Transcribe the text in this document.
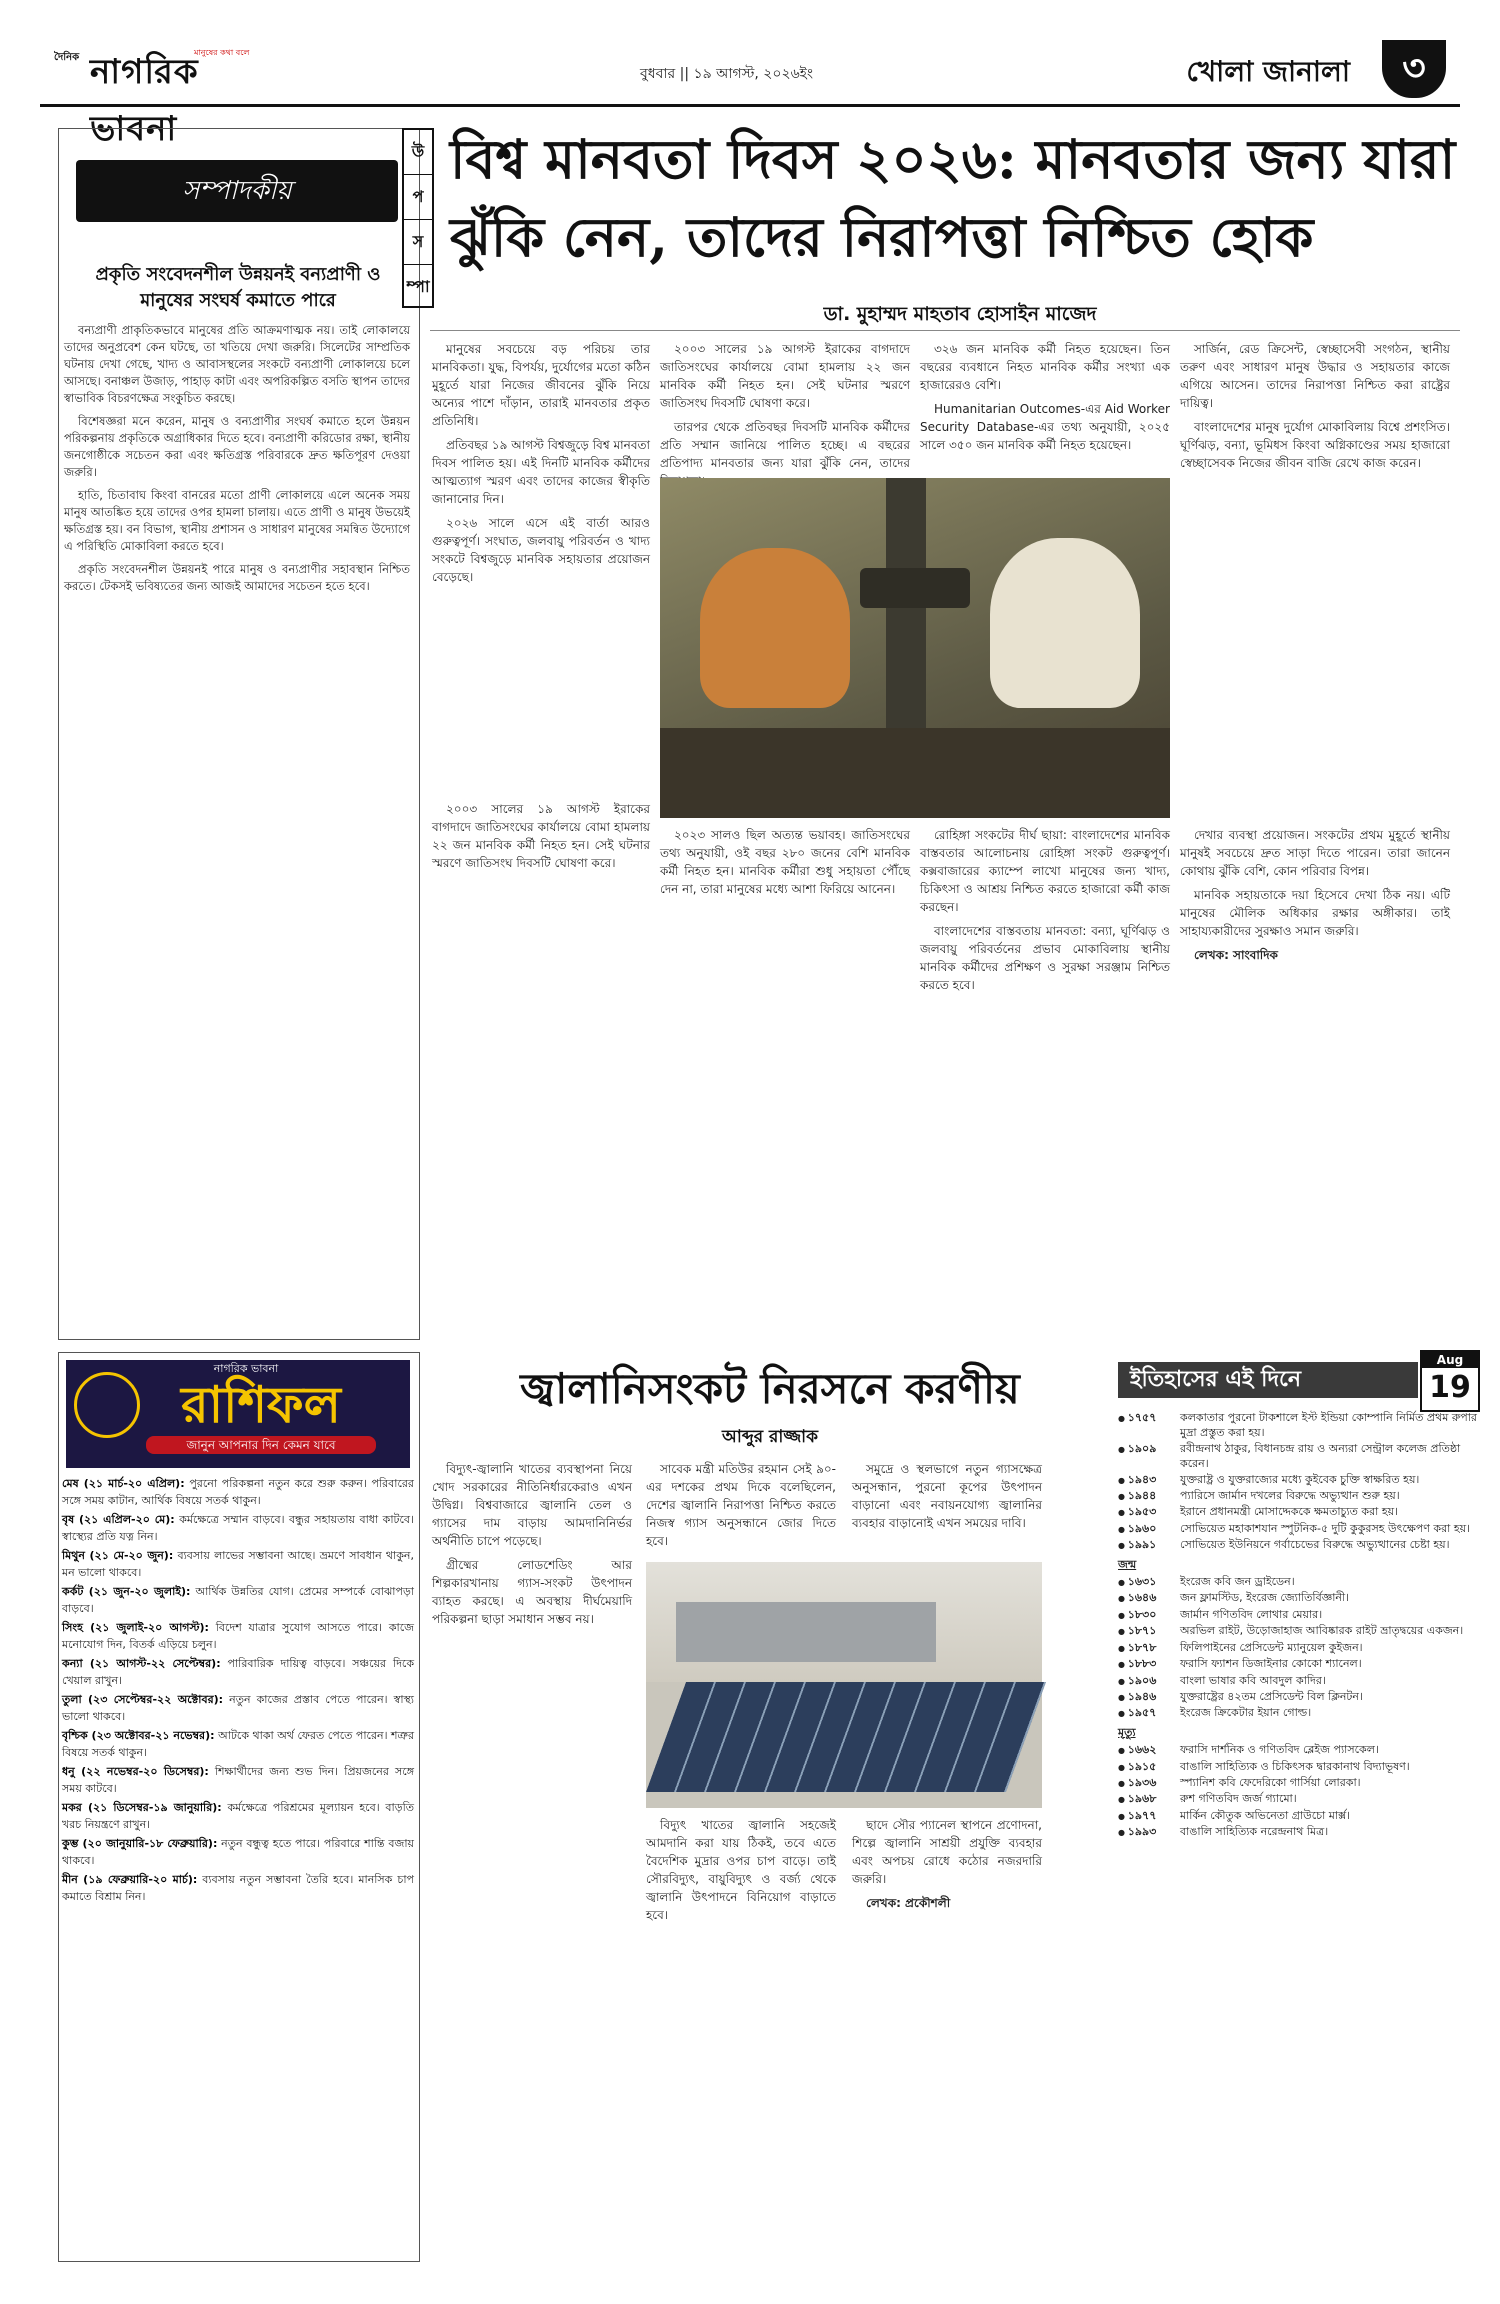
দৈনিক নাগরিক ভাবনা
মানুষের কথা বলে
বুধবার || ১৯ আগস্ট, ২০২৬ইং	খোলা জানালা	৩
সম্পাদকীয়
প্রকৃতি সংবেদনশীল উন্নয়নই বন্যপ্রাণী ও মানুষের সংঘর্ষ কমাতে পারে

বন্যপ্রাণী প্রাকৃতিকভাবে মানুষের প্রতি আক্রমণাত্মক নয়। তাই লোকালয়ে তাদের অনুপ্রবেশ কেন ঘটছে, তা খতিয়ে দেখা জরুরি। সিলেটের সাম্প্রতিক ঘটনায় দেখা গেছে, খাদ্য ও আবাসস্থলের সংকটে বন্যপ্রাণী লোকালয়ে চলে আসছে। বনাঞ্চল উজাড়, পাহাড় কাটা এবং অপরিকল্পিত বসতি স্থাপন তাদের স্বাভাবিক বিচরণক্ষেত্র সংকুচিত করছে।

বিশেষজ্ঞরা মনে করেন, মানুষ ও বন্যপ্রাণীর সংঘর্ষ কমাতে হলে উন্নয়ন পরিকল্পনায় প্রকৃতিকে অগ্রাধিকার দিতে হবে। বন্যপ্রাণী করিডোর রক্ষা, স্থানীয় জনগোষ্ঠীকে সচেতন করা এবং ক্ষতিগ্রস্ত পরিবারকে দ্রুত ক্ষতিপূরণ দেওয়া জরুরি।

হাতি, চিতাবাঘ কিংবা বানরের মতো প্রাণী লোকালয়ে এলে অনেক সময় মানুষ আতঙ্কিত হয়ে তাদের ওপর হামলা চালায়। এতে প্রাণী ও মানুষ উভয়েই ক্ষতিগ্রস্ত হয়। বন বিভাগ, স্থানীয় প্রশাসন ও সাধারণ মানুষের সমন্বিত উদ্যোগে এ পরিস্থিতি মোকাবিলা করতে হবে।

প্রকৃতি সংবেদনশীল উন্নয়নই পারে মানুষ ও বন্যপ্রাণীর সহাবস্থান নিশ্চিত করতে। টেকসই ভবিষ্যতের জন্য আজই আমাদের সচেতন হতে হবে।

উ
প
স
ম্পা
বিশ্ব মানবতা দিবস ২০২৬: মানবতার জন্য যারা ঝুঁকি নেন, তাদের নিরাপত্তা নিশ্চিত হোক
ডা. মুহাম্মদ মাহতাব হোসাইন মাজেদ

মানুষের সবচেয়ে বড় পরিচয় তার মানবিকতা। যুদ্ধ, বিপর্যয়, দুর্যোগের মতো কঠিন মুহূর্তে যারা নিজের জীবনের ঝুঁকি নিয়ে অন্যের পাশে দাঁড়ান, তারাই মানবতার প্রকৃত প্রতিনিধি।

প্রতিবছর ১৯ আগস্ট বিশ্বজুড়ে বিশ্ব মানবতা দিবস পালিত হয়। এই দিনটি মানবিক কর্মীদের আত্মত্যাগ স্মরণ এবং তাদের কাজের স্বীকৃতি জানানোর দিন।

২০২৬ সালে এসে এই বার্তা আরও গুরুত্বপূর্ণ। সংঘাত, জলবায়ু পরিবর্তন ও খাদ্য সংকটে বিশ্বজুড়ে মানবিক সহায়তার প্রয়োজন বেড়েছে।

২০০৩ সালের ১৯ আগস্ট ইরাকের বাগদাদে জাতিসংঘের কার্যালয়ে বোমা হামলায় ২২ জন মানবিক কর্মী নিহত হন। সেই ঘটনার স্মরণে জাতিসংঘ দিবসটি ঘোষণা করে।

তারপর থেকে প্রতিবছর দিবসটি মানবিক কর্মীদের প্রতি সম্মান জানিয়ে পালিত হচ্ছে। এ বছরের প্রতিপাদ্য মানবতার জন্য যারা ঝুঁকি নেন, তাদের

৩২৬ জন মানবিক কর্মী নিহত হয়েছেন। তিন বছরের ব্যবধানে নিহত মানবিক কর্মীর সংখ্যা এক হাজারেরও বেশি।

Humanitarian Outcomes-এর Aid Worker Security Database-এর তথ্য অনুযায়ী, ২০২৫ সালে ৩৫০ জন মানবিক কর্মী নিহত হয়েছেন।

সার্জিন, রেড ক্রিসেন্ট, স্বেচ্ছাসেবী সংগঠন, স্থানীয় তরুণ এবং সাধারণ মানুষ উদ্ধার ও সহায়তার কাজে এগিয়ে আসেন। তাদের নিরাপত্তা নিশ্চিত করা রাষ্ট্রের দায়িত্ব।

বাংলাদেশের মানুষ দুর্যোগ মোকাবিলায় বিশ্বে প্রশংসিত। ঘূর্ণিঝড়, বন্যা, ভূমিধস কিংবা অগ্নিকাণ্ডের সময় হাজারো স্বেচ্ছাসেবক নিজের জীবন বাজি রেখে কাজ করেন।

২০২৩ সালও ছিল অত্যন্ত ভয়াবহ। জাতিসংঘের তথ্য অনুযায়ী, ওই বছর ২৮০ জনের বেশি মানবিক কর্মী নিহত হন। মানবিক কর্মীরা শুধু সহায়তা পৌঁছে দেন না, তারা মানুষের মধ্যে আশা ফিরিয়ে আনেন।

রোহিঙ্গা সংকটের দীর্ঘ ছায়া: বাংলাদেশের মানবিক বাস্তবতার আলোচনায় রোহিঙ্গা সংকট গুরুত্বপূর্ণ। কক্সবাজারের ক্যাম্পে লাখো মানুষের জন্য খাদ্য, চিকিৎসা ও আশ্রয় নিশ্চিত করতে হাজারো কর্মী কাজ করছেন।

বাংলাদেশের বাস্তবতায় মানবতা: বন্যা, ঘূর্ণিঝড় ও জলবায়ু পরিবর্তনের প্রভাব মোকাবিলায় স্থানীয় মানবিক কর্মীদের প্রশিক্ষণ ও সুরক্ষা সরঞ্জাম নিশ্চিত করতে হবে।

২০০৩ সালের ১৯ আগস্ট ইরাকের বাগদাদে জাতিসংঘের কার্যালয়ে বোমা হামলায় ২২ জন মানবিক কর্মী নিহত হন। সেই ঘটনার স্মরণে জাতিসংঘ দিবসটি ঘোষণা করে।

দেখার ব্যবস্থা প্রয়োজন। সংকটের প্রথম মুহূর্তে স্থানীয় মানুষই সবচেয়ে দ্রুত সাড়া দিতে পারেন। তারা জানেন কোথায় ঝুঁকি বেশি, কোন পরিবার বিপন্ন।

মানবিক সহায়তাকে দয়া হিসেবে দেখা ঠিক নয়। এটি মানুষের মৌলিক অধিকার রক্ষার অঙ্গীকার। তাই সাহায্যকারীদের সুরক্ষাও সমান জরুরি।

লেখক: সাংবাদিক

নাগরিক ভাবনা
রাশিফল
জানুন আপনার দিন কেমন যাবে

মেষ (২১ মার্চ-২০ এপ্রিল): পুরনো পরিকল্পনা নতুন করে শুরু করুন। পরিবারের সঙ্গে সময় কাটান, আর্থিক বিষয়ে সতর্ক থাকুন।

বৃষ (২১ এপ্রিল-২০ মে): কর্মক্ষেত্রে সম্মান বাড়বে। বন্ধুর সহায়তায় বাধা কাটবে। স্বাস্থ্যের প্রতি যত্ন নিন।

মিথুন (২১ মে-২০ জুন): ব্যবসায় লাভের সম্ভাবনা আছে। ভ্রমণে সাবধান থাকুন, মন ভালো থাকবে।

কর্কট (২১ জুন-২০ জুলাই): আর্থিক উন্নতির যোগ। প্রেমের সম্পর্কে বোঝাপড়া বাড়বে।

সিংহ (২১ জুলাই-২০ আগস্ট): বিদেশ যাত্রার সুযোগ আসতে পারে। কাজে মনোযোগ দিন, বিতর্ক এড়িয়ে চলুন।

কন্যা (২১ আগস্ট-২২ সেপ্টেম্বর): পারিবারিক দায়িত্ব বাড়বে। সঞ্চয়ের দিকে খেয়াল রাখুন।

তুলা (২৩ সেপ্টেম্বর-২২ অক্টোবর): নতুন কাজের প্রস্তাব পেতে পারেন। স্বাস্থ্য ভালো থাকবে।

বৃশ্চিক (২৩ অক্টোবর-২১ নভেম্বর): আটকে থাকা অর্থ ফেরত পেতে পারেন। শত্রুর বিষয়ে সতর্ক থাকুন।

ধনু (২২ নভেম্বর-২০ ডিসেম্বর): শিক্ষার্থীদের জন্য শুভ দিন। প্রিয়জনের সঙ্গে সময় কাটবে।

মকর (২১ ডিসেম্বর-১৯ জানুয়ারি): কর্মক্ষেত্রে পরিশ্রমের মূল্যায়ন হবে। বাড়তি খরচ নিয়ন্ত্রণে রাখুন।

কুম্ভ (২০ জানুয়ারি-১৮ ফেব্রুয়ারি): নতুন বন্ধুত্ব হতে পারে। পরিবারে শান্তি বজায় থাকবে।

মীন (১৯ ফেব্রুয়ারি-২০ মার্চ): ব্যবসায় নতুন সম্ভাবনা তৈরি হবে। মানসিক চাপ কমাতে বিশ্রাম নিন।

জ্বালানিসংকট নিরসনে করণীয়
আব্দুর রাজ্জাক

বিদ্যুৎ-জ্বালানি খাতের ব্যবস্থাপনা নিয়ে খোদ সরকারের নীতিনির্ধারকেরাও এখন উদ্বিগ্ন। বিশ্ববাজারে জ্বালানি তেল ও গ্যাসের দাম বাড়ায় আমদানিনির্ভর অর্থনীতি চাপে পড়েছে।

গ্রীষ্মের লোডশেডিং আর শিল্পকারখানায় গ্যাস-সংকট উৎপাদন ব্যাহত করছে। এ অবস্থায় দীর্ঘমেয়াদি পরিকল্পনা ছাড়া সমাধান সম্ভব নয়।

সাবেক মন্ত্রী মতিউর রহমান সেই ৯০-এর দশকের প্রথম দিকে বলেছিলেন, দেশের জ্বালানি নিরাপত্তা নিশ্চিত করতে নিজস্ব গ্যাস অনুসন্ধানে জোর দিতে হবে।

সমুদ্রে ও স্থলভাগে নতুন গ্যাসক্ষেত্র অনুসন্ধান, পুরনো কূপের উৎপাদন বাড়ানো এবং নবায়নযোগ্য জ্বালানির ব্যবহার বাড়ানোই এখন সময়ের দাবি।

বিদ্যুৎ খাতের জ্বালানি সহজেই আমদানি করা যায় ঠিকই, তবে এতে বৈদেশিক মুদ্রার ওপর চাপ বাড়ে। তাই সৌরবিদ্যুৎ, বায়ুবিদ্যুৎ ও বর্জ্য থেকে জ্বালানি উৎপাদনে বিনিয়োগ বাড়াতে হবে।

ছাদে সৌর প্যানেল স্থাপনে প্রণোদনা, শিল্পে জ্বালানি সাশ্রয়ী প্রযুক্তি ব্যবহার এবং অপচয় রোধে কঠোর নজরদারি জরুরি।

লেখক: প্রকৌশলী

ইতিহাসের এই দিনে
Aug
19
● ১৭৫৭	কলকাতার পুরনো টাকশালে ইস্ট ইন্ডিয়া কোম্পানি নির্মিত প্রথম রুপার মুদ্রা প্রস্তুত করা হয়।
● ১৯০৯	রবীন্দ্রনাথ ঠাকুর, বিধানচন্দ্র রায় ও অন্যরা সেন্ট্রাল কলেজ প্রতিষ্ঠা করেন।
● ১৯৪৩	যুক্তরাষ্ট্র ও যুক্তরাজ্যের মধ্যে কুইবেক চুক্তি স্বাক্ষরিত হয়।
● ১৯৪৪	প্যারিসে জার্মান দখলের বিরুদ্ধে অভ্যুত্থান শুরু হয়।
● ১৯৫৩	ইরানে প্রধানমন্ত্রী মোসাদ্দেককে ক্ষমতাচ্যুত করা হয়।
● ১৯৬০	সোভিয়েত মহাকাশযান স্পুটনিক-৫ দুটি কুকুরসহ উৎক্ষেপণ করা হয়।
● ১৯৯১	সোভিয়েত ইউনিয়নে গর্বাচেভের বিরুদ্ধে অভ্যুত্থানের চেষ্টা হয়।
জন্ম
● ১৬৩১	ইংরেজ কবি জন ড্রাইডেন।
● ১৬৪৬	জন ফ্লামস্টিড, ইংরেজ জ্যোতির্বিজ্ঞানী।
● ১৮৩০	জার্মান গণিতবিদ লোথার মেয়ার।
● ১৮৭১	অরভিল রাইট, উড়োজাহাজ আবিষ্কারক রাইট ভ্রাতৃদ্বয়ের একজন।
● ১৮৭৮	ফিলিপাইনের প্রেসিডেন্ট ম্যানুয়েল কুইজন।
● ১৮৮৩	ফরাসি ফ্যাশন ডিজাইনার কোকো শ্যানেল।
● ১৯০৬	বাংলা ভাষার কবি আবদুল কাদির।
● ১৯৪৬	যুক্তরাষ্ট্রের ৪২তম প্রেসিডেন্ট বিল ক্লিনটন।
● ১৯৫৭	ইংরেজ ক্রিকেটার ইয়ান গোল্ড।
মৃত্যু
● ১৬৬২	ফরাসি দার্শনিক ও গণিতবিদ ব্লেইজ প্যাসকেল।
● ১৯১৫	বাঙালি সাহিত্যিক ও চিকিৎসক দ্বারকানাথ বিদ্যাভূষণ।
● ১৯৩৬	স্প্যানিশ কবি ফেদেরিকো গার্সিয়া লোরকা।
● ১৯৬৮	রুশ গণিতবিদ জর্জ গ্যামো।
● ১৯৭৭	মার্কিন কৌতুক অভিনেতা গ্রাউচো মার্ক্স।
● ১৯৯৩	বাঙালি সাহিত্যিক নরেন্দ্রনাথ মিত্র।
